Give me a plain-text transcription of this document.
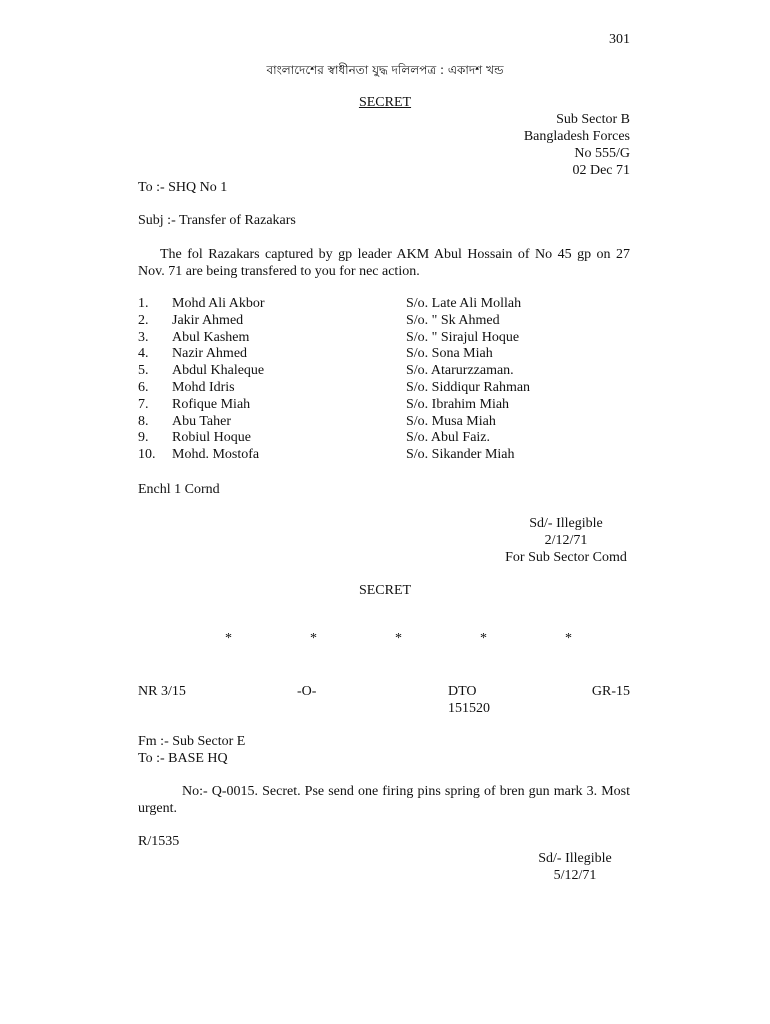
301
বাংলাদেশের স্বাধীনতা যুদ্ধ দলিলপত্র : একাদশ খন্ড
SECRET
Sub Sector B
Bangladesh Forces
No 555/G
02 Dec 71
To :- SHQ No 1
Subj :- Transfer of Razakars
The fol Razakars captured by gp leader AKM Abul Hossain of No 45 gp on 27 Nov. 71 are being transfered to you for nec action.
1. Mohd Ali Akbor	S/o. Late Ali Mollah
2. Jakir Ahmed	S/o. " Sk Ahmed
3. Abul Kashem	S/o. " Sirajul Hoque
4. Nazir Ahmed	S/o. Sona Miah
5. Abdul Khaleque	S/o. Atarurzzaman.
6. Mohd Idris	S/o. Siddiqur Rahman
7. Rofique Miah	S/o. Ibrahim Miah
8. Abu Taher	S/o. Musa Miah
9. Robiul Hoque	S/o. Abul Faiz.
10. Mohd. Mostofa	S/o. Sikander Miah
Enchl 1 Cornd
Sd/- Illegible
2/12/71
For Sub Sector Comd
SECRET
*	*	*	*	*
NR 3/15	-O-	DTO
151520
GR-15
Fm :- Sub Sector E
To :- BASE HQ
No:- Q-0015. Secret. Pse send one firing pins spring of bren gun mark 3. Most urgent.
R/1535
Sd/- Illegible
5/12/71
